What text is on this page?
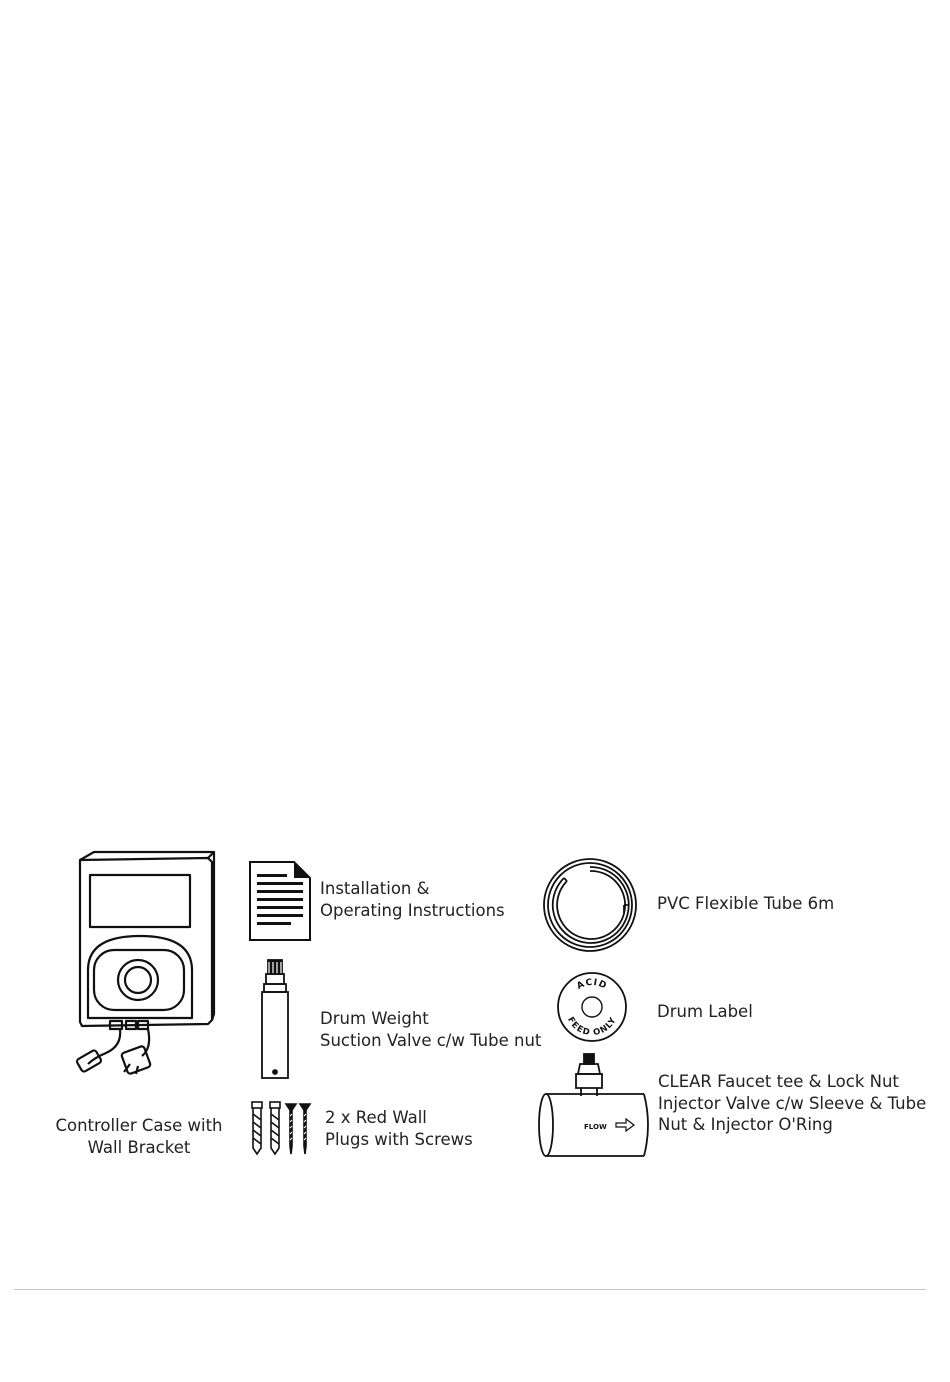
Controller Case with
Wall Bracket
Installation &
Operating Instructions	PVC Flexible Tube 6m
Drum Weight
Suction Valve c/w Tube nut
ACID
FEED ONLY
Drum Label
2 x Red Wall
Plugs with Screws
FLOW
CLEAR Faucet tee & Lock Nut
Injector Valve c/w Sleeve & Tube
Nut & Injector O'Ring
